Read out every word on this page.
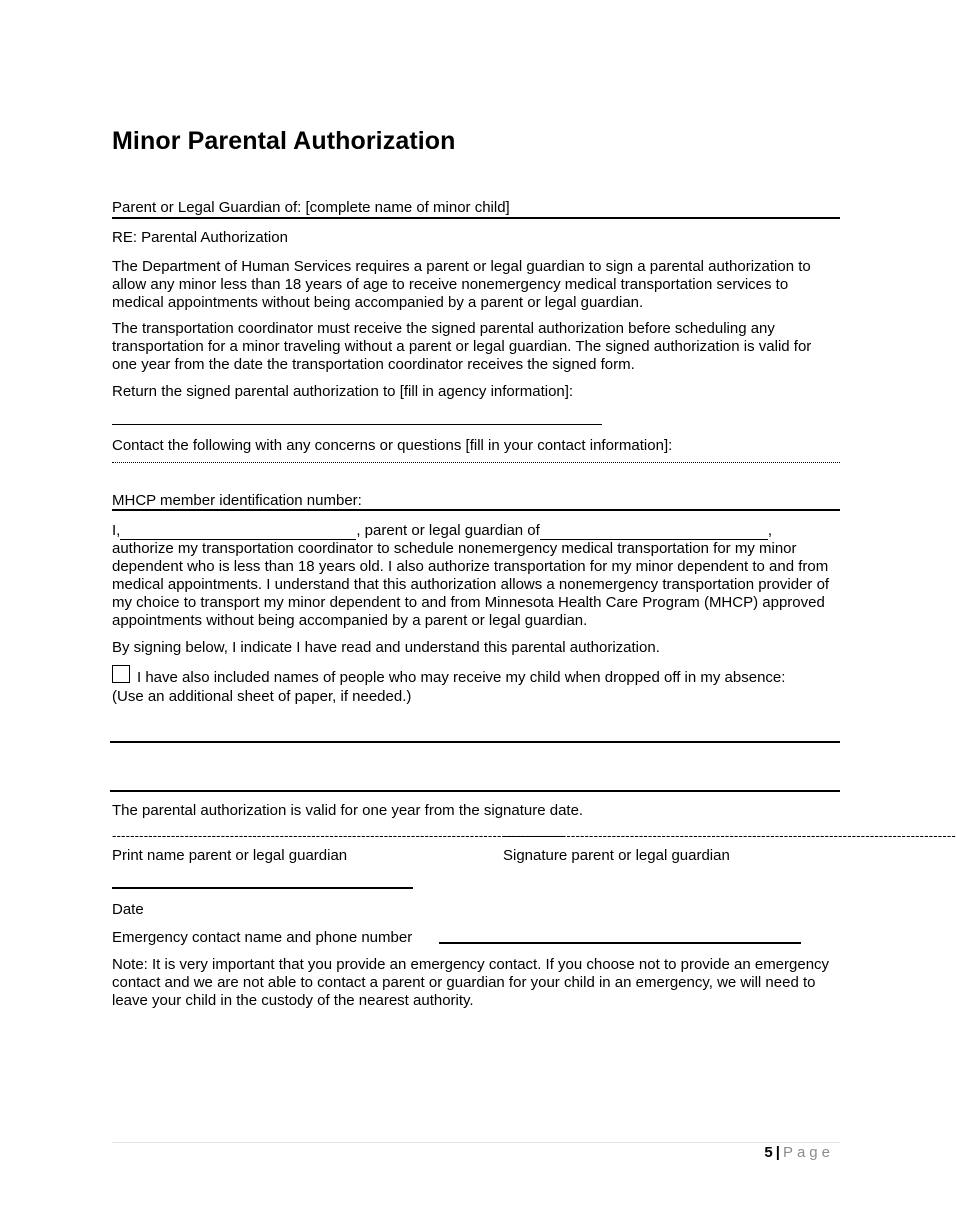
Minor Parental Authorization

Parent or Legal Guardian of: [complete name of minor child]

RE: Parental Authorization

The Department of Human Services requires a parent or legal guardian to sign a parental authorization to allow any minor less than 18 years of age to receive nonemergency medical transportation services to medical appointments without being accompanied by a parent or legal guardian.

The transportation coordinator must receive the signed parental authorization before scheduling any transportation for a minor traveling without a parent or legal guardian. The signed authorization is valid for one year from the date the transportation coordinator receives the signed form.

Return the signed parental authorization to [fill in agency information]:

Contact the following with any concerns or questions [fill in your contact information]:

MHCP member identification number:

I,	, parent or legal guardian of	,
authorize my transportation coordinator to schedule nonemergency medical transportation for my minor dependent who is less than 18 years old. I also authorize transportation for my minor dependent to and from medical appointments. I understand that this authorization allows a nonemergency transportation provider of my choice to transport my minor dependent to and from Minnesota Health Care Program (MHCP) approved appointments without being accompanied by a parent or legal guardian.

By signing below, I indicate I have read and understand this parental authorization.

I have also included names of people who may receive my child when dropped off in my absence:

(Use an additional sheet of paper, if needed.)

The parental authorization is valid for one year from the signature date.

----------------------------------------------------------------------------------------------------
----------------------------------------------------------------------------------------------------

Print name parent or legal guardian	Signature parent or legal guardian

Date

Emergency contact name and phone number

Note: It is very important that you provide an emergency contact. If you choose not to provide an emergency contact and we are not able to contact a parent or guardian for your child in an emergency, we will need to leave your child in the custody of the nearest authority.

5 | Page
